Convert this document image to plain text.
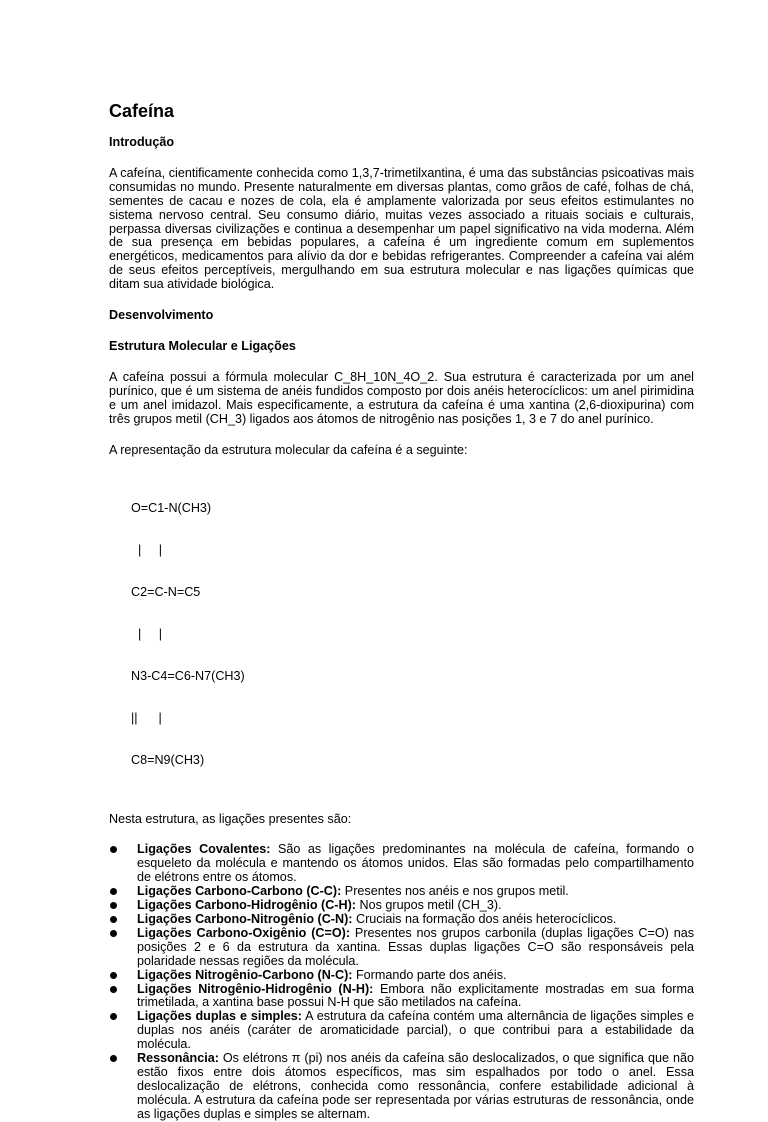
Cafeína
Introdução
A cafeína, cientificamente conhecida como 1,3,7-trimetilxantina, é uma das substâncias psicoativas mais consumidas no mundo. Presente naturalmente em diversas plantas, como grãos de café, folhas de chá, sementes de cacau e nozes de cola, ela é amplamente valorizada por seus efeitos estimulantes no sistema nervoso central. Seu consumo diário, muitas vezes associado a rituais sociais e culturais, perpassa diversas civilizações e continua a desempenhar um papel significativo na vida moderna. Além de sua presença em bebidas populares, a cafeína é um ingrediente comum em suplementos energéticos, medicamentos para alívio da dor e bebidas refrigerantes. Compreender a cafeína vai além de seus efeitos perceptíveis, mergulhando em sua estrutura molecular e nas ligações químicas que ditam sua atividade biológica.
Desenvolvimento
Estrutura Molecular e Ligações
A cafeína possui a fórmula molecular C_8H_10N_4O_2. Sua estrutura é caracterizada por um anel purínico, que é um sistema de anéis fundidos composto por dois anéis heterocíclicos: um anel pirimidina e um anel imidazol. Mais especificamente, a estrutura da cafeína é uma xantina (2,6-dioxipurina) com três grupos metil (CH_3) ligados aos átomos de nitrogênio nas posições 1, 3 e 7 do anel purínico.
A representação da estrutura molecular da cafeína é a seguinte:

O=C1-N(CH3)

|     |

C2=C-N=C5

|     |

N3-C4=C6-N7(CH3)

||      |

C8=N9(CH3)

Nesta estrutura, as ligações presentes são:
Ligações Covalentes: São as ligações predominantes na molécula de cafeína, formando o esqueleto da molécula e mantendo os átomos unidos. Elas são formadas pelo compartilhamento de elétrons entre os átomos.
Ligações Carbono-Carbono (C-C): Presentes nos anéis e nos grupos metil.
Ligações Carbono-Hidrogênio (C-H): Nos grupos metil (CH_3).
Ligações Carbono-Nitrogênio (C-N): Cruciais na formação dos anéis heterocíclicos.
Ligações Carbono-Oxigênio (C=O): Presentes nos grupos carbonila (duplas ligações C=O) nas posições 2 e 6 da estrutura da xantina. Essas duplas ligações C=O são responsáveis pela polaridade nessas regiões da molécula.
Ligações Nitrogênio-Carbono (N-C): Formando parte dos anéis.
Ligações Nitrogênio-Hidrogênio (N-H): Embora não explicitamente mostradas em sua forma trimetilada, a xantina base possui N-H que são metilados na cafeína.
Ligações duplas e simples: A estrutura da cafeína contém uma alternância de ligações simples e duplas nos anéis (caráter de aromaticidade parcial), o que contribui para a estabilidade da molécula.
Ressonância: Os elétrons π (pi) nos anéis da cafeína são deslocalizados, o que significa que não estão fixos entre dois átomos específicos, mas sim espalhados por todo o anel. Essa deslocalização de elétrons, conhecida como ressonância, confere estabilidade adicional à molécula. A estrutura da cafeína pode ser representada por várias estruturas de ressonância, onde as ligações duplas e simples se alternam.
